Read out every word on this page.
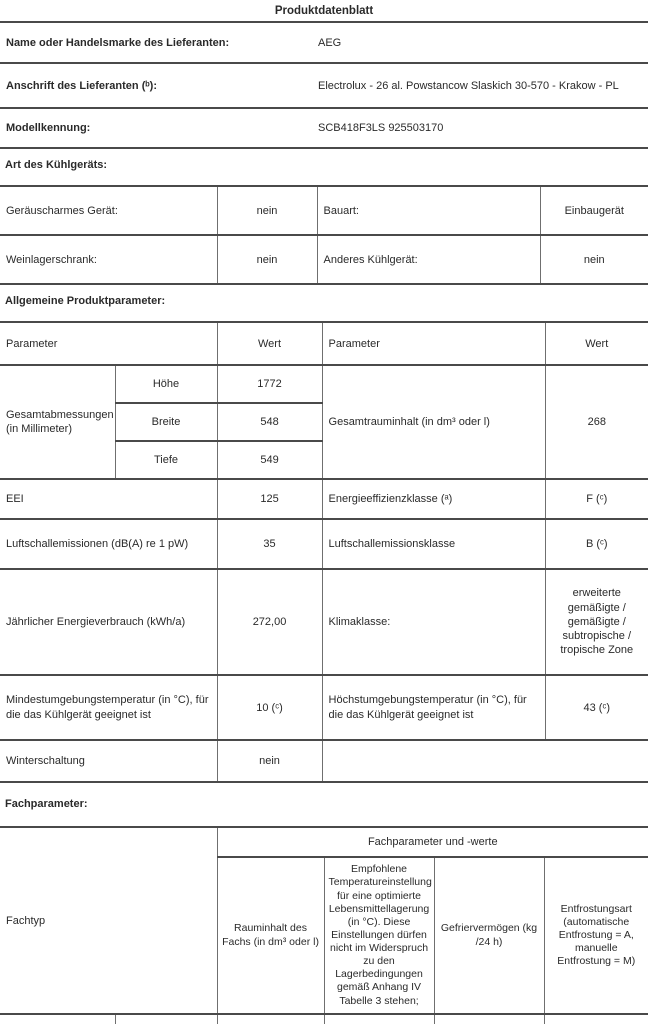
Produktdatenblatt	
Name oder Handelsmarke des Lieferanten:	AEG
Anschrift des Lieferanten (ᵇ):	Electrolux - 26 al. Powstancow Slaskich 30-570 - Krakow - PL
Modellkennung:	SCB418F3LS 925503170
Art des Kühlgeräts:
Geräuscharmes Gerät:	nein	Bauart:	Einbaugerät
Weinlagerschrank:	nein	Anderes Kühlgerät:	nein
Allgemeine Produktparameter:
Parameter		Wert	Parameter	Wert
Gesamtabmessungen (in Millimeter)	Höhe	1772	Gesamtrauminhalt (in dm³ oder l)	268
	Breite	548		
	Tiefe	549		
EEI		125	Energieeffizienzklasse (ᵃ)	F (ᶜ)
Luftschallemissionen (dB(A) re 1 pW)		35	Luftschallemissionsklasse	B (ᶜ)
Jährlicher Energieverbrauch (kWh/a)		272,00	Klimaklasse:	erweiterte gemäßigte / gemäßigte / subtropische / tropische Zone
Mindestumgebungstemperatur (in °C), für die das Kühlgerät geeignet ist		10 (ᶜ)	Höchstumgebungstemperatur (in °C), für die das Kühlgerät geeignet ist	43 (ᶜ)
Winterschaltung		nein		
Fachparameter:
Fachtyp		Fachparameter und -werte			
		Rauminhalt des Fachs (in dm³ oder l)	Empfohlene Temperatureinstellung für eine optimierte Lebensmittellagerung (in °C). Diese Einstellungen dürfen nicht im Widerspruch zu den Lagerbedingungen gemäß Anhang IV Tabelle 3 stehen;	Gefriervermögen (kg /24 h)	Entfrostungsart (automatische Entfrostung = A, manuelle Entfrostung = M)
